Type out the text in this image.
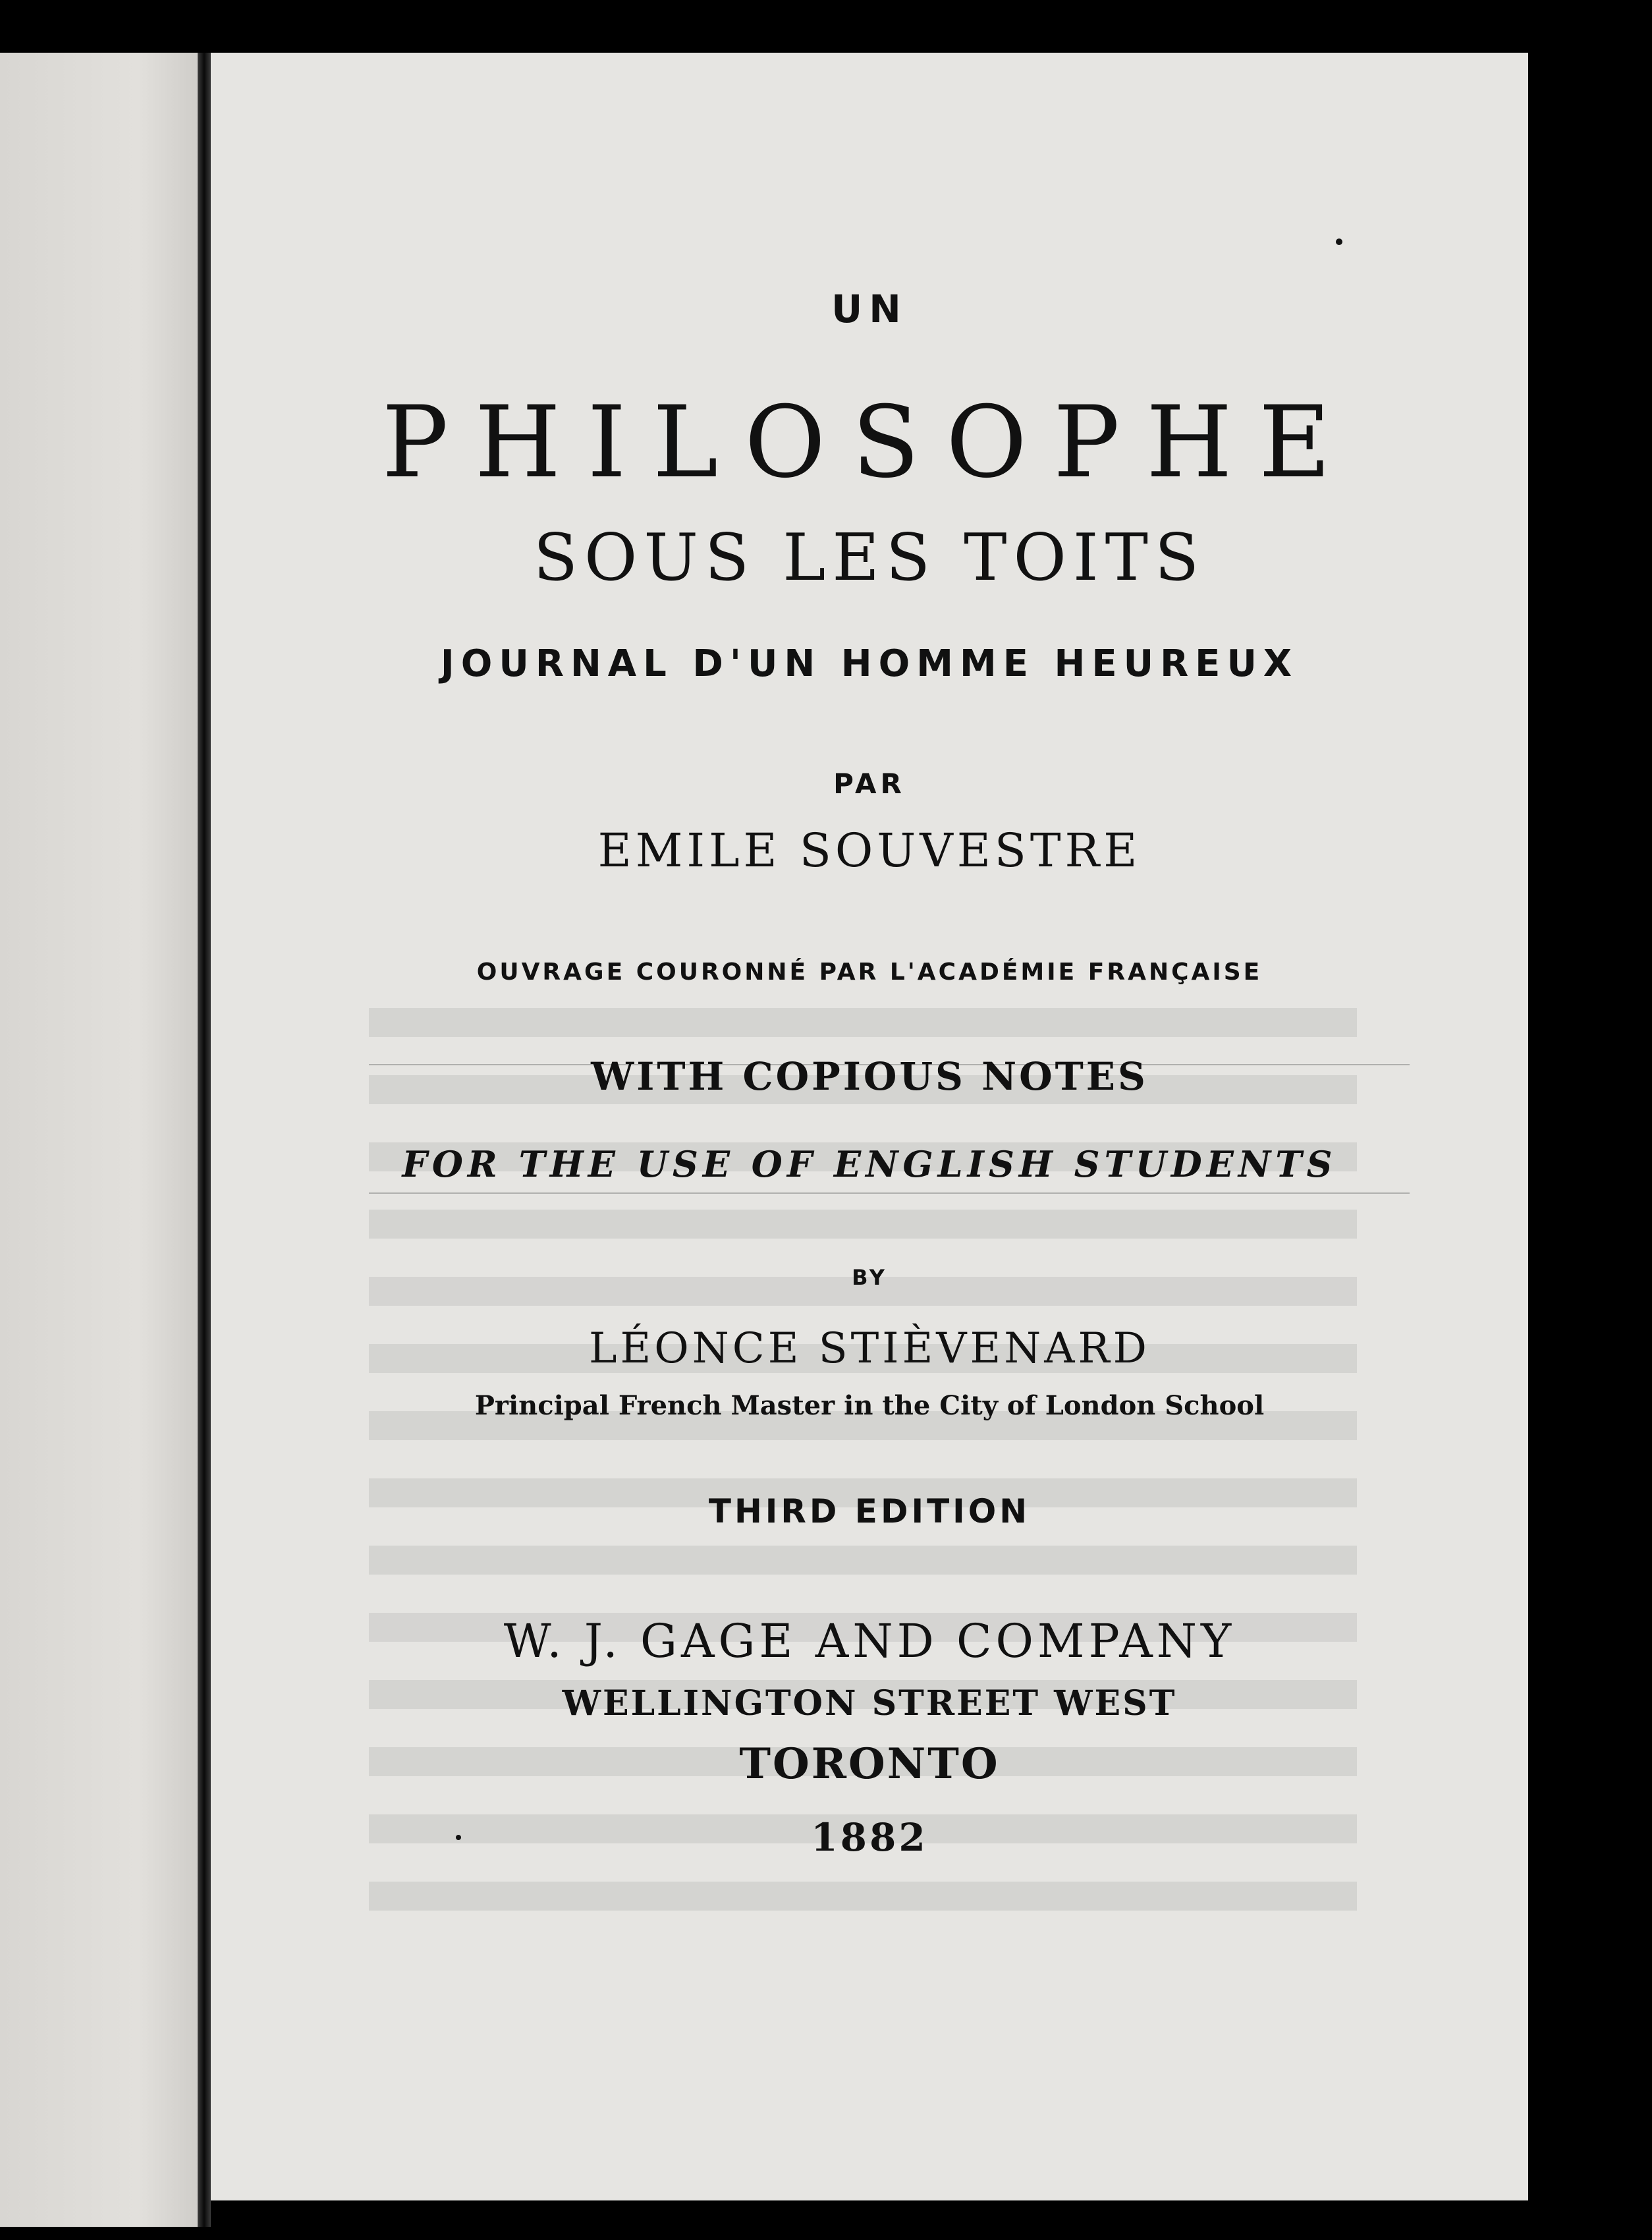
UN
PHILOSOPHE
SOUS LES TOITS
JOURNAL D'UN HOMME HEUREUX
PAR
EMILE SOUVESTRE
OUVRAGE COURONNÉ PAR L'ACADÉMIE FRANÇAISE
WITH COPIOUS NOTES
FOR THE USE OF ENGLISH STUDENTS
BY
LÉONCE STIÈVENARD
Principal French Master in the City of London School
THIRD EDITION
W. J. GAGE AND COMPANY
WELLINGTON STREET WEST
TORONTO
1882
